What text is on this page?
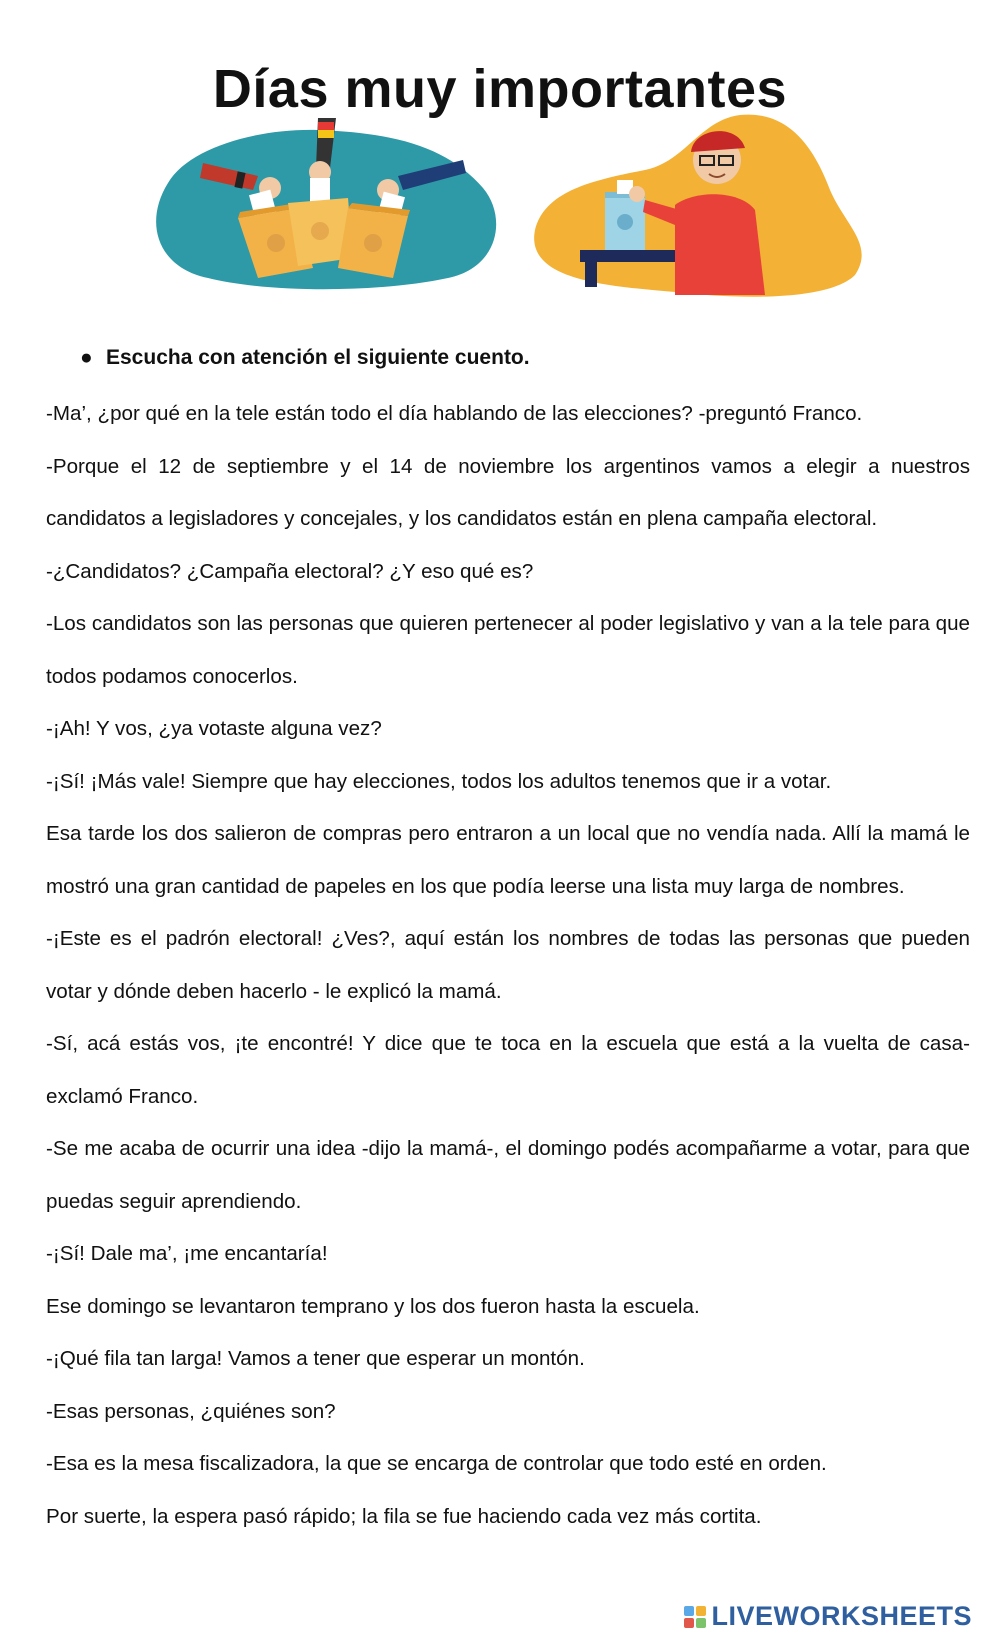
Días muy importantes
● Escucha con atención el siguiente cuento.

-Ma’, ¿por qué en la tele están todo el día hablando de las elecciones? -preguntó Franco.

-Porque el 12 de septiembre y el 14 de noviembre los argentinos vamos a elegir a nuestros candidatos a legisladores y concejales, y los candidatos están en plena campaña electoral.

-¿Candidatos? ¿Campaña electoral? ¿Y eso qué es?

-Los candidatos son las personas que quieren pertenecer al poder legislativo y van a la tele para que todos podamos conocerlos.

-¡Ah! Y vos, ¿ya votaste alguna vez?

-¡Sí! ¡Más vale! Siempre que hay elecciones, todos los adultos tenemos que ir a votar.

Esa tarde los dos salieron de compras pero entraron a un local que no vendía nada. Allí la mamá le mostró una gran cantidad de papeles en los que podía leerse una lista muy larga de nombres.

-¡Este es el padrón electoral! ¿Ves?, aquí están los nombres de todas las personas que pueden votar y dónde deben hacerlo - le explicó la mamá.

-Sí, acá estás vos, ¡te encontré! Y dice que te toca en la escuela que está a la vuelta de casa- exclamó Franco.

-Se me acaba de ocurrir una idea -dijo la mamá-, el domingo podés acompañarme a votar, para que puedas seguir aprendiendo.

-¡Sí! Dale ma’, ¡me encantaría!

Ese domingo se levantaron temprano y los dos fueron hasta la escuela.

-¡Qué fila tan larga! Vamos a tener que esperar un montón.

-Esas personas, ¿quiénes son?

-Esa es la mesa fiscalizadora, la que se encarga de controlar que todo esté en orden.

Por suerte, la espera pasó rápido; la fila se fue haciendo cada vez más cortita.

LIVEWORKSHEETS
